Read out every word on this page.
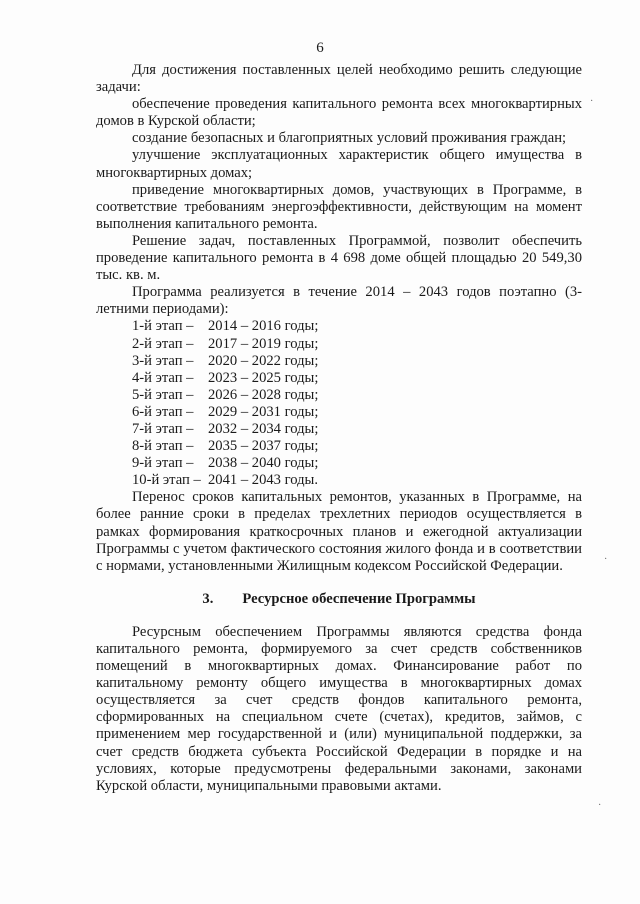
6

Для достижения поставленных целей необходимо решить следующие задачи:

обеспечение проведения капитального ремонта всех многоквартирных домов в Курской области;

создание безопасных и благоприятных условий проживания граждан;

улучшение эксплуатационных характеристик общего имущества в многоквартирных домах;

приведение многоквартирных домов, участвующих в Программе, в соответствие требованиям энергоэффективности, действующим на момент выполнения капитального ремонта.

Решение задач, поставленных Программой, позволит обеспечить проведение капитального ремонта в 4 698 доме общей площадью 20 549,30 тыс. кв. м.

Программа реализуется в течение 2014 – 2043 годов поэтапно (3-летними периодами):

1-й этап – 2014 – 2016 годы;
2-й этап – 2017 – 2019 годы;
3-й этап – 2020 – 2022 годы;
4-й этап – 2023 – 2025 годы;
5-й этап – 2026 – 2028 годы;
6-й этап – 2029 – 2031 годы;
7-й этап – 2032 – 2034 годы;
8-й этап – 2035 – 2037 годы;
9-й этап – 2038 – 2040 годы;
10-й этап – 2041 – 2043 годы.

Перенос сроков капитальных ремонтов, указанных в Программе, на более ранние сроки в пределах трехлетних периодов осуществляется в рамках формирования краткосрочных планов и ежегодной актуализации Программы с учетом фактического состояния жилого фонда и в соответствии с нормами, установленными Жилищным кодексом Российской Федерации.

3. Ресурсное обеспечение Программы

Ресурсным обеспечением Программы являются средства фонда капитального ремонта, формируемого за счет средств собственников помещений в многоквартирных домах. Финансирование работ по капитальному ремонту общего имущества в многоквартирных домах осуществляется за счет средств фондов капитального ремонта, сформированных на специальном счете (счетах), кредитов, займов, с применением мер государственной и (или) муниципальной поддержки, за счет средств бюджета субъекта Российской Федерации в порядке и на условиях, которые предусмотрены федеральными законами, законами Курской области, муниципальными правовыми актами.

·
·
·
